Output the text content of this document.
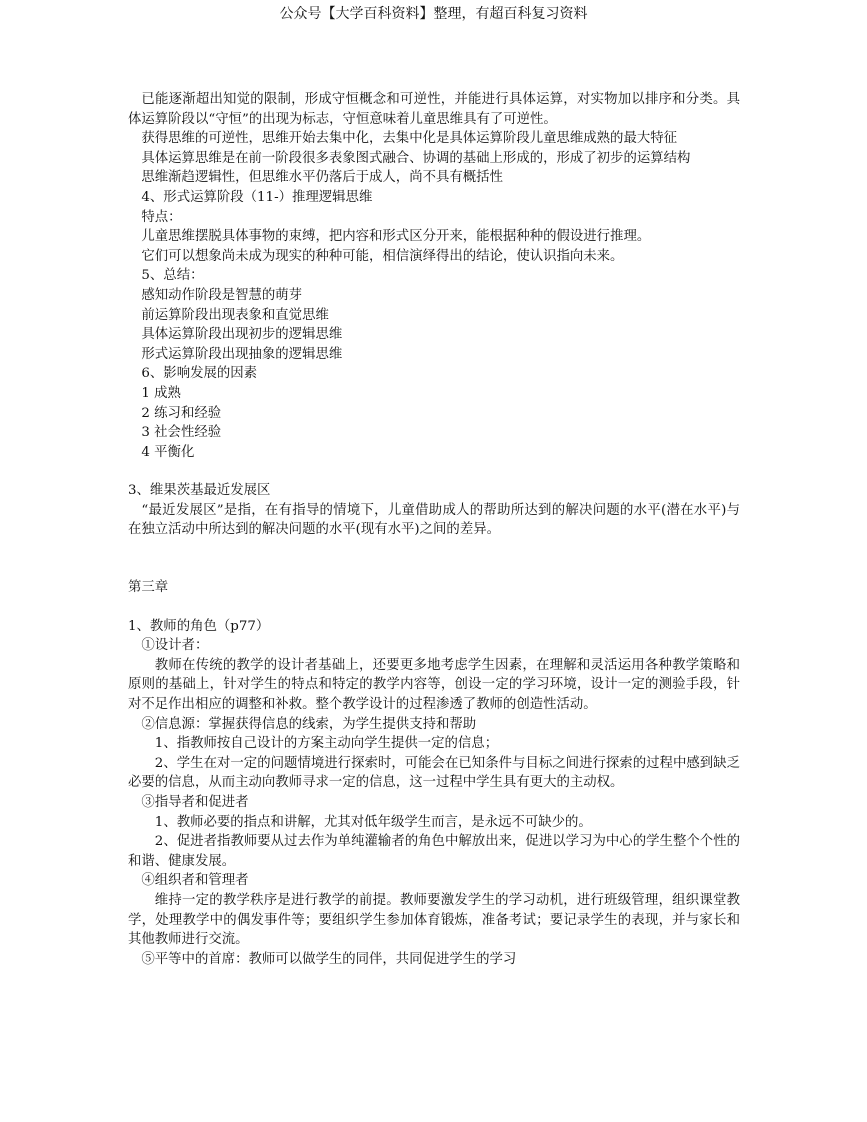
公众号【大学百科资料】整理，有超百科复习资料

已能逐渐超出知觉的限制，形成守恒概念和可逆性，并能进行具体运算，对实物加以排序和分类。具体运算阶段以“守恒”的出现为标志，守恒意味着儿童思维具有了可逆性。

获得思维的可逆性，思维开始去集中化，去集中化是具体运算阶段儿童思维成熟的最大特征

具体运算思维是在前一阶段很多表象图式融合、协调的基础上形成的，形成了初步的运算结构

思维渐趋逻辑性，但思维水平仍落后于成人，尚不具有概括性

4、形式运算阶段（11-）推理逻辑思维

特点：

儿童思维摆脱具体事物的束缚，把内容和形式区分开来，能根据种种的假设进行推理。

它们可以想象尚未成为现实的种种可能，相信演绎得出的结论，使认识指向未来。

5、总结：

感知动作阶段是智慧的萌芽

前运算阶段出现表象和直觉思维

具体运算阶段出现初步的逻辑思维

形式运算阶段出现抽象的逻辑思维

6、影响发展的因素

1 成熟

2 练习和经验

3 社会性经验

4 平衡化

3、维果茨基最近发展区

“最近发展区”是指，在有指导的情境下，儿童借助成人的帮助所达到的解决问题的水平(潜在水平)与在独立活动中所达到的解决问题的水平(现有水平)之间的差异。

第三章

1、教师的角色（p77）

①设计者：

教师在传统的教学的设计者基础上，还要更多地考虑学生因素，在理解和灵活运用各种教学策略和原则的基础上，针对学生的特点和特定的教学内容等，创设一定的学习环境，设计一定的测验手段，针对不足作出相应的调整和补救。整个教学设计的过程渗透了教师的创造性活动。

②信息源：掌握获得信息的线索，为学生提供支持和帮助

1、指教师按自己设计的方案主动向学生提供一定的信息；

2、学生在对一定的问题情境进行探索时，可能会在已知条件与目标之间进行探索的过程中感到缺乏必要的信息，从而主动向教师寻求一定的信息，这一过程中学生具有更大的主动权。

③指导者和促进者

1、教师必要的指点和讲解，尤其对低年级学生而言，是永远不可缺少的。

2、促进者指教师要从过去作为单纯灌输者的角色中解放出来，促进以学习为中心的学生整个个性的和谐、健康发展。

④组织者和管理者

维持一定的教学秩序是进行教学的前提。教师要激发学生的学习动机，进行班级管理，组织课堂教学，处理教学中的偶发事件等；要组织学生参加体育锻炼，准备考试；要记录学生的表现，并与家长和其他教师进行交流。

⑤平等中的首席：教师可以做学生的同伴，共同促进学生的学习
